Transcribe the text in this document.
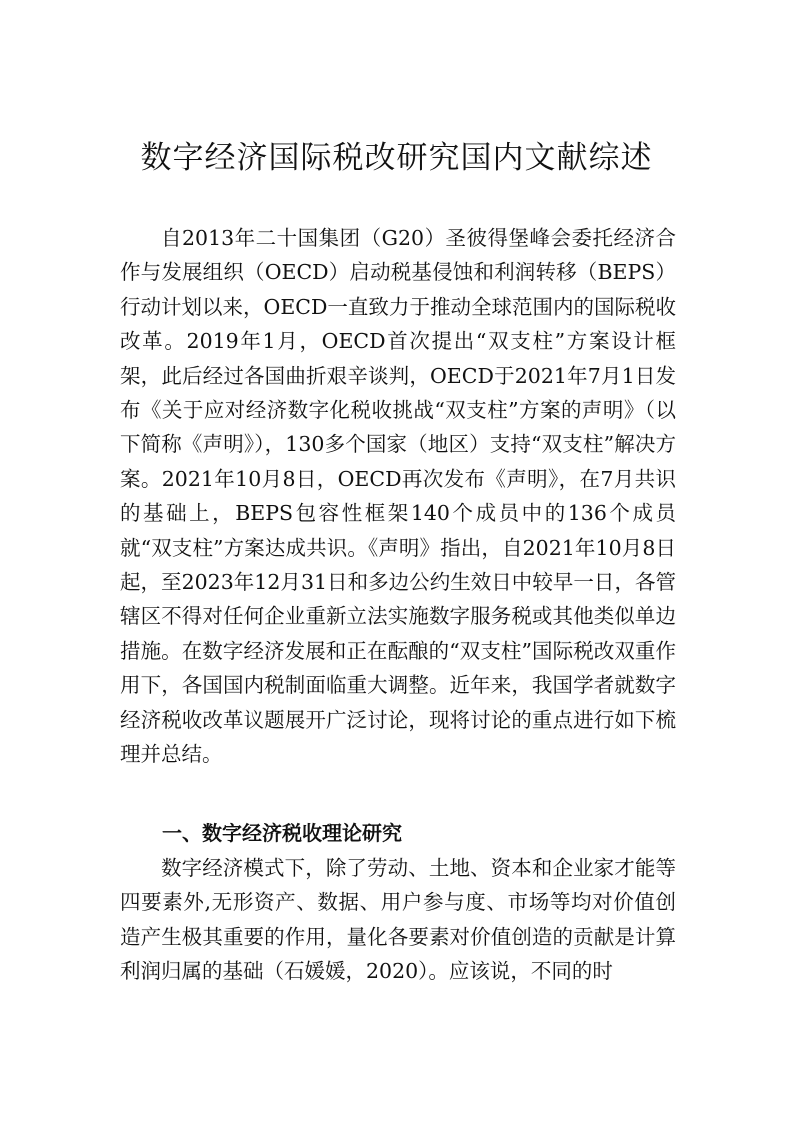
数字经济国际税改研究国内文献综述

自2013年二十国集团（G20）圣彼得堡峰会委托经济合作与发展组织（OECD）启动税基侵蚀和利润转移（BEPS）行动计划以来，OECD一直致力于推动全球范围内的国际税收改革。2019年1月，OECD首次提出“双支柱”方案设计框架，此后经过各国曲折艰辛谈判，OECD于2021年7月1日发布《关于应对经济数字化税收挑战“双支柱”方案的声明》（以下简称《声明》），130多个国家（地区）支持“双支柱”解决方案。2021年10月8日，OECD再次发布《声明》，在7月共识的基础上，BEPS包容性框架140个成员中的136个成员就“双支柱”方案达成共识。《声明》指出，自2021年10月8日起，至2023年12月31日和多边公约生效日中较早一日，各管辖区不得对任何企业重新立法实施数字服务税或其他类似单边措施。在数字经济发展和正在酝酿的“双支柱”国际税改双重作用下，各国国内税制面临重大调整。近年来，我国学者就数字经济税收改革议题展开广泛讨论，现将讨论的重点进行如下梳理并总结。

一、数字经济税收理论研究

数字经济模式下，除了劳动、土地、资本和企业家才能等四要素外,无形资产、数据、用户参与度、市场等均对价值创造产生极其重要的作用，量化各要素对价值创造的贡献是计算利润归属的基础（石媛媛，2020）。应该说，不同的时
